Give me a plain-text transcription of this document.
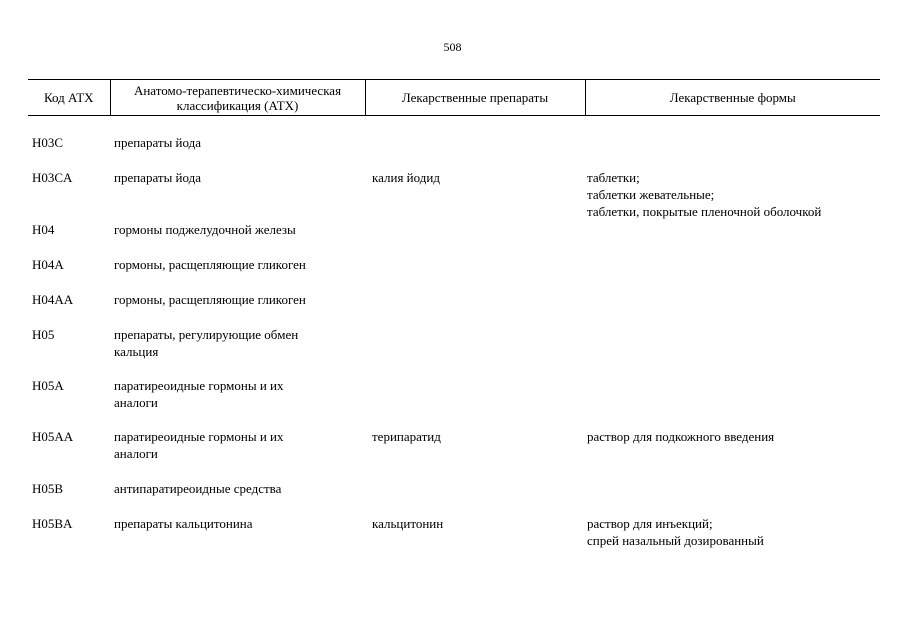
508
Код АТХ	Анатомо-терапевтическо-химическая классификация (АТХ)	Лекарственные препараты	Лекарственные формы
H03C	препараты йода		

H03CA	препараты йода	калия йодид	таблетки;
таблетки жевательные;
таблетки, покрытые пленочной оболочкой

H04	гормоны поджелудочной железы		

H04A	гормоны, расщепляющие гликоген		

H04AA	гормоны, расщепляющие гликоген		

H05	препараты, регулирующие обмен
кальция		

H05A	паратиреоидные гормоны и их
аналоги		

H05AA	паратиреоидные гормоны и их
аналоги	терипаратид	раствор для подкожного введения

H05B	антипаратиреоидные средства		

H05BA	препараты кальцитонина	кальцитонин	раствор для инъекций;
спрей назальный дозированный
